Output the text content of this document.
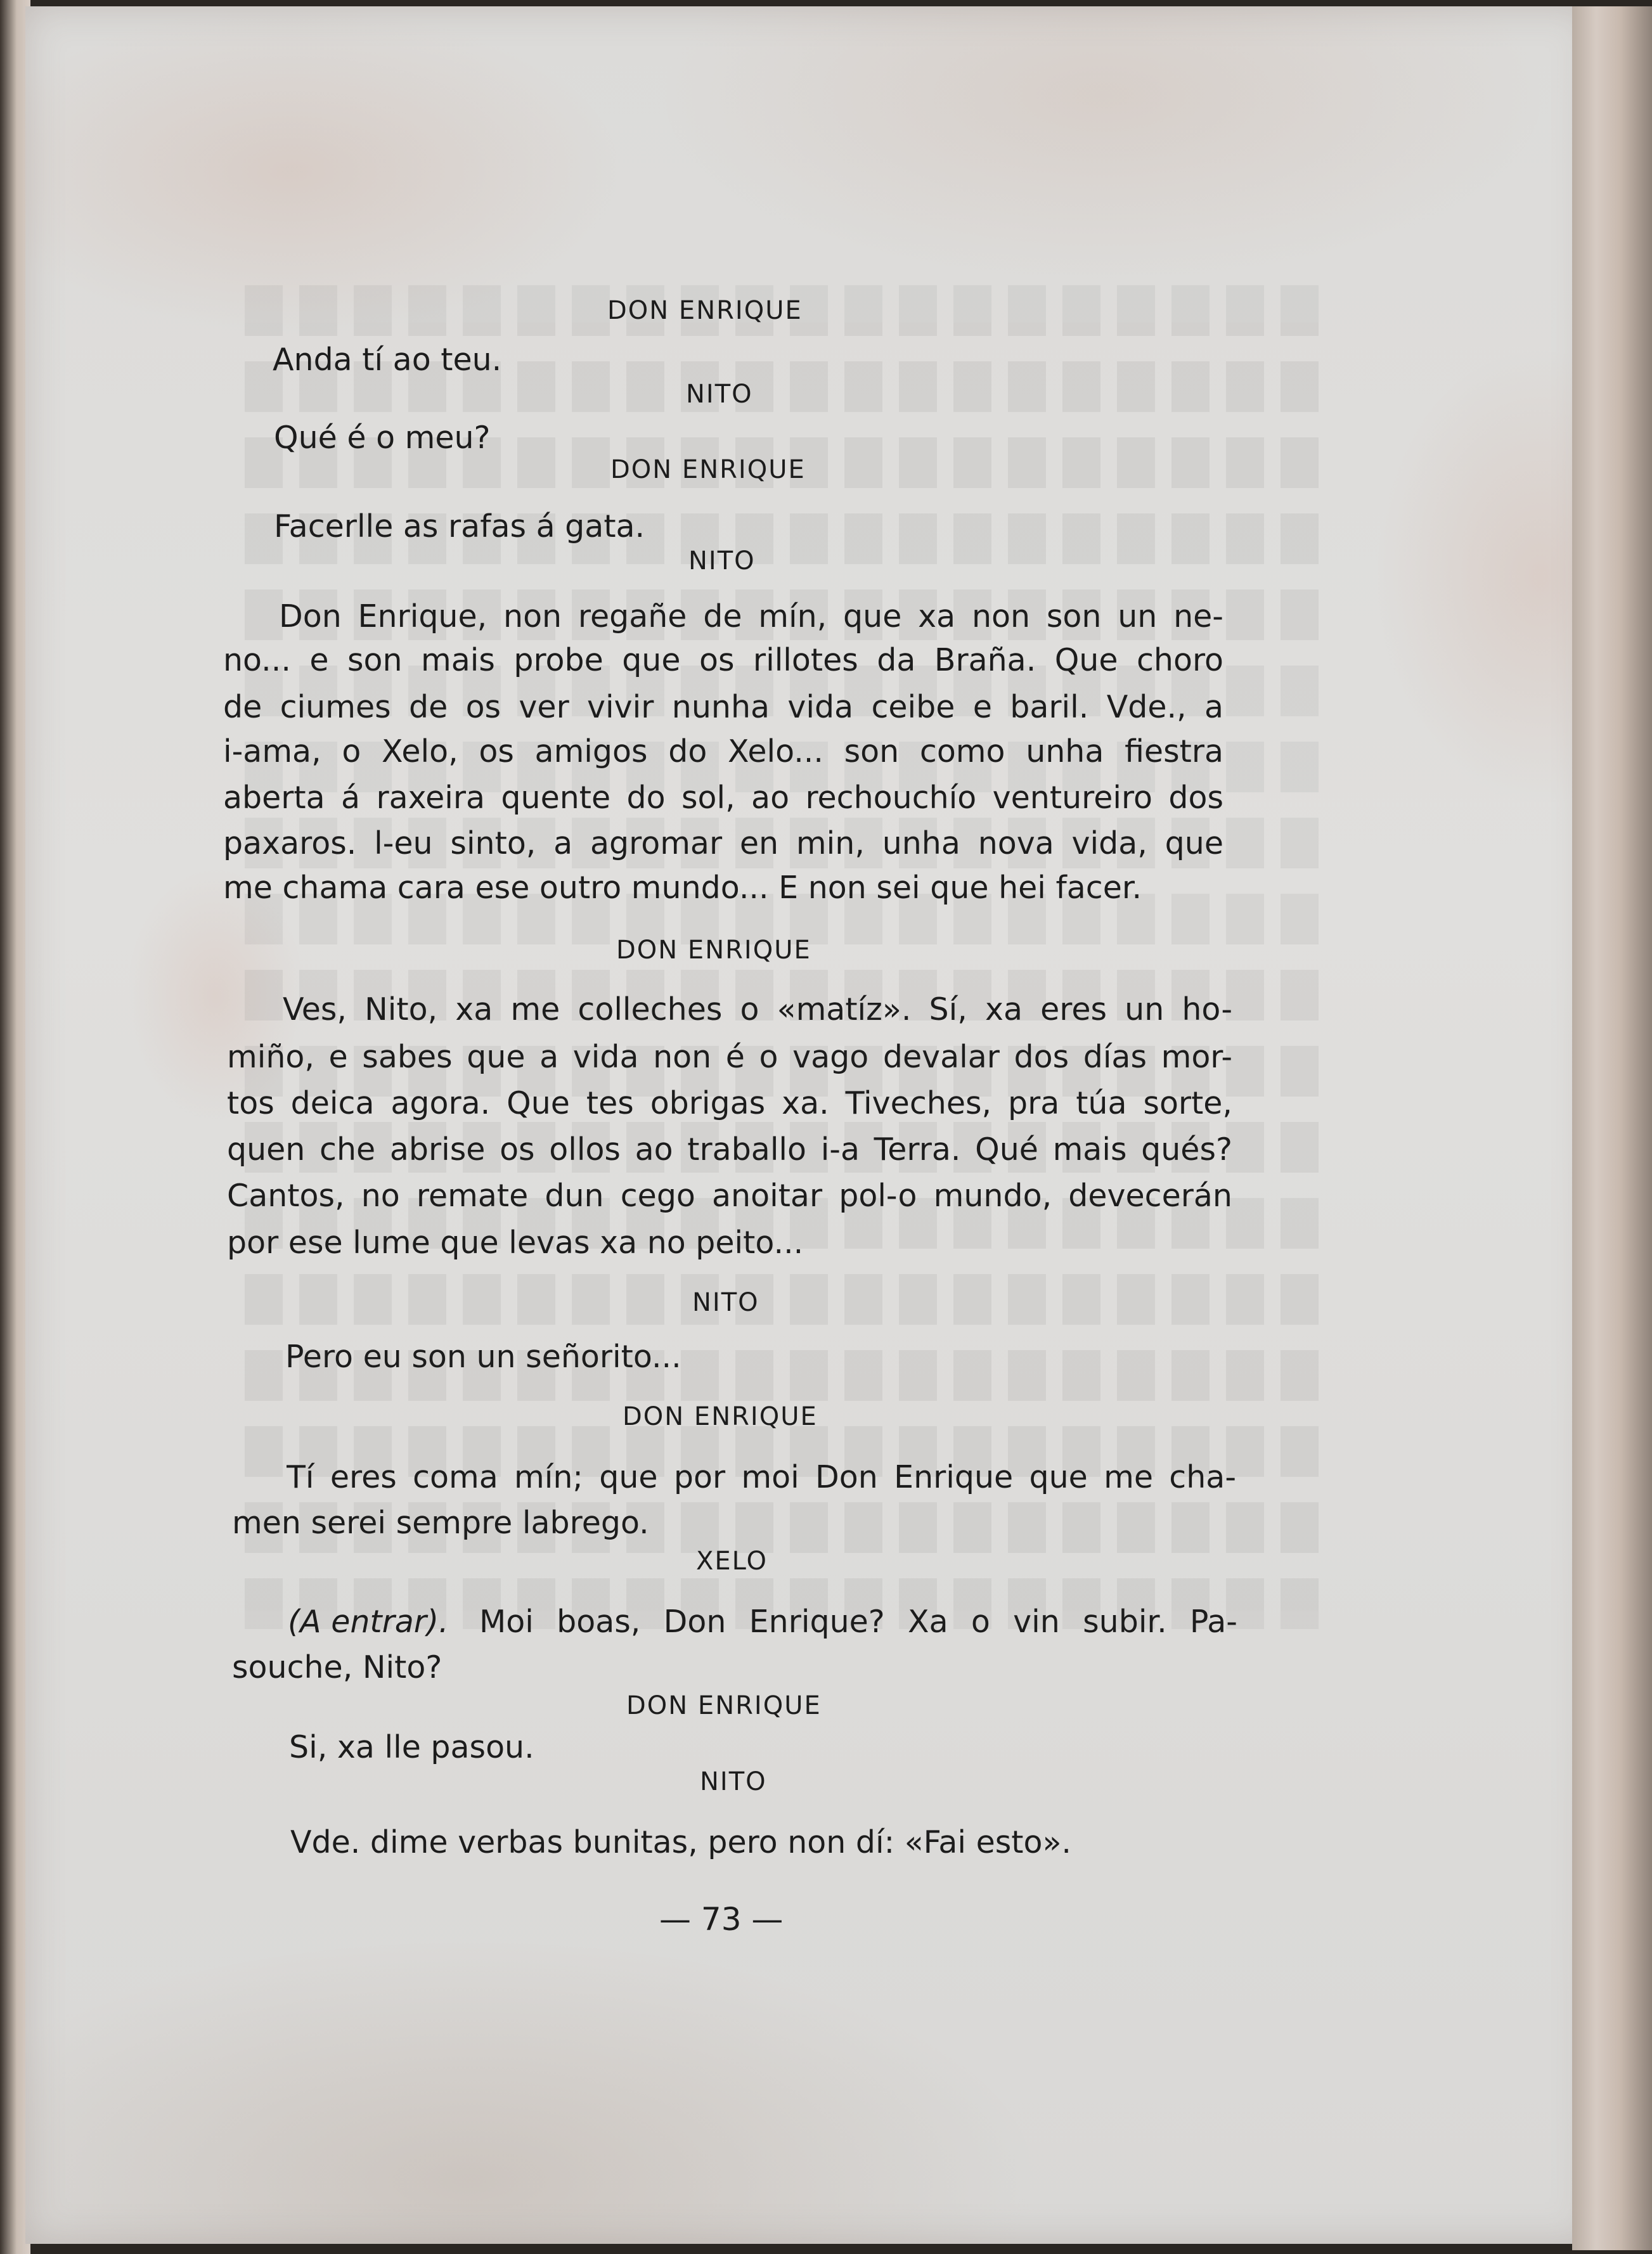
DON ENRIQUE
Anda tí ao teu.
NITO
Qué é o meu?
DON ENRIQUE
Facerlle as rafas á gata.
NITO
Don Enrique, non regañe de mín, que xa non son un ne-
no... e son mais probe que os rillotes da Braña. Que choro
de ciumes de os ver vivir nunha vida ceibe e baril. Vde., a
i-ama, o Xelo, os amigos do Xelo... son como unha fiestra
aberta á raxeira quente do sol, ao rechouchío ventureiro dos
paxaros. l-eu sinto, a agromar en min, unha nova vida, que
me chama cara ese outro mundo... E non sei que hei facer.
DON ENRIQUE
Ves, Nito, xa me colleches o «matíz». Sí, xa eres un ho-
miño, e sabes que a vida non é o vago devalar dos días mor-
tos deica agora. Que tes obrigas xa. Tiveches, pra túa sorte,
quen che abrise os ollos ao traballo i-a Terra. Qué mais qués?
Cantos, no remate dun cego anoitar pol-o mundo, devecerán
por ese lume que levas xa no peito...
NITO
Pero eu son un señorito...
DON ENRIQUE
Tí eres coma mín; que por moi Don Enrique que me cha-
men serei sempre labrego.
XELO
(A entrar). Moi boas, Don Enrique? Xa o vin subir. Pa-
souche, Nito?
DON ENRIQUE
Si, xa lle pasou.
NITO
Vde. dime verbas bunitas, pero non dí: «Fai esto».
— 73 —
